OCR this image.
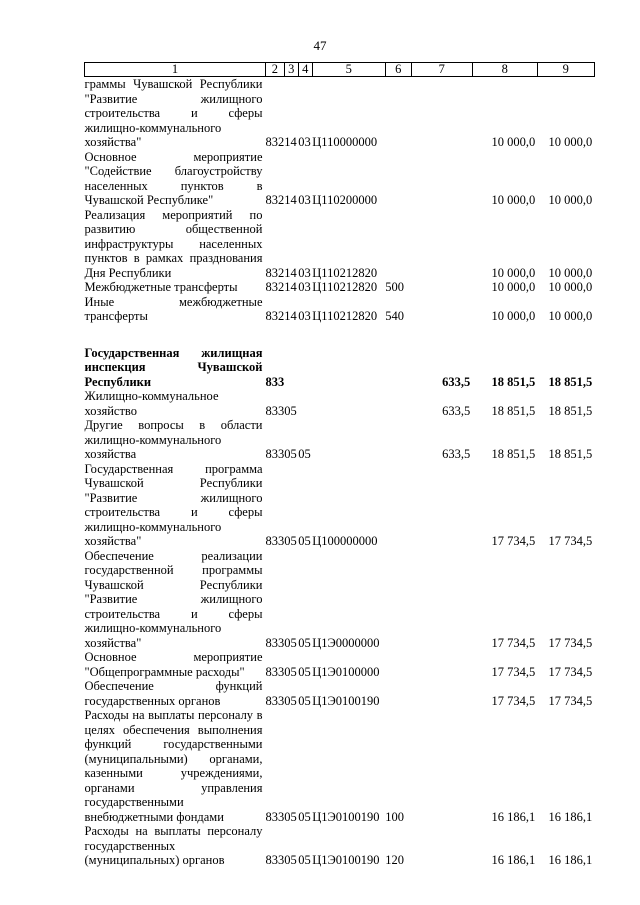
47
1	2	3	4	5	6	7	8	9
граммы Чувашской Республики "Развитие жилищного строительства и сферы жилищно-коммунального хозяйства"	832	14	03	Ц110000000			10 000,0	10 000,0
Основное мероприятие "Содействие благоустройству населенных пунктов в Чувашской Республике"	832	14	03	Ц110200000			10 000,0	10 000,0
Реализация мероприятий по развитию общественной инфраструктуры населенных пунктов в рамках празднования Дня Республики	832	14	03	Ц110212820			10 000,0	10 000,0
Межбюджетные трансферты	832	14	03	Ц110212820	500		10 000,0	10 000,0
Иные межбюджетные трансферты	832	14	03	Ц110212820	540		10 000,0	10 000,0

Государственная жилищная инспекция Чувашской Республики	833					633,5	18 851,5	18 851,5
Жилищно-коммунальное хозяйство	833	05				633,5	18 851,5	18 851,5
Другие вопросы в области жилищно-коммунального хозяйства	833	05	05			633,5	18 851,5	18 851,5
Государственная программа Чувашской Республики "Развитие жилищного строительства и сферы жилищно-коммунального хозяйства"	833	05	05	Ц100000000			17 734,5	17 734,5
Обеспечение реализации государственной программы Чувашской Республики "Развитие жилищного строительства и сферы жилищно-коммунального хозяйства"	833	05	05	Ц1Э0000000			17 734,5	17 734,5
Основное мероприятие "Общепрограммные расходы"	833	05	05	Ц1Э0100000			17 734,5	17 734,5
Обеспечение функций государственных органов	833	05	05	Ц1Э0100190			17 734,5	17 734,5
Расходы на выплаты персоналу в целях обеспечения выполнения функций государственными (муниципальными) органами, казенными учреждениями, органами управления государственными внебюджетными фондами	833	05	05	Ц1Э0100190	100		16 186,1	16 186,1
Расходы на выплаты персоналу государственных (муниципальных) органов	833	05	05	Ц1Э0100190	120		16 186,1	16 186,1
